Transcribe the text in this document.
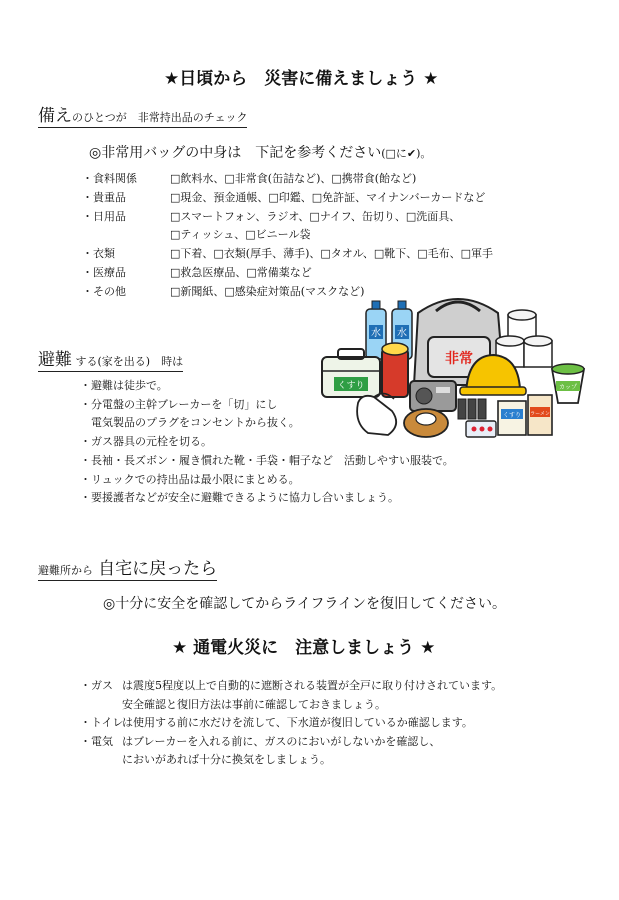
★日頃から　災害に備えましょう ★
備えのひとつが　非常持出品のチェック
◎非常用バッグの中身は　下記を参考ください(□に✔)。
・食料関係	□飲料水、□非常食(缶詰など)、□携帯食(飴など)
・貴重品	□現金、預金通帳、□印鑑、□免許証、マイナンバーカードなど
・日用品	□スマートフォン、ラジオ、□ナイフ、缶切り、□洗面具、
□ティッシュ、□ビニール袋
・衣類	□下着、□衣類(厚手、薄手)、□タオル、□靴下、□毛布、□軍手
・医療品	□救急医療品、□常備薬など
・その他	□新聞紙、□感染症対策品(マスクなど)
非常
水 水
くすり
くすり ラーメン
カップ
避難 する(家を出る)　時は
・避難は徒歩で。
・分電盤の主幹ブレーカーを「切」にし
　電気製品のプラグをコンセントから抜く。
・ガス器具の元栓を切る。
・長袖・長ズボン・履き慣れた靴・手袋・帽子など　活動しやすい服装で。
・リュックでの持出品は最小限にまとめる。
・要援護者などが安全に避難できるように協力し合いましょう。
避難所から 自宅に戻ったら
◎十分に安全を確認してからライフラインを復旧してください。
★ 通電火災に　注意しましょう ★
・ガス は震度5程度以上で自動的に遮断される装置が全戸に取り付けされています。
安全確認と復旧方法は事前に確認しておきましょう。
・トイレは使用する前に水だけを流して、下水道が復旧しているか確認します。
・電気 はブレーカーを入れる前に、ガスのにおいがしないかを確認し、
においがあれば十分に換気をしましょう。
